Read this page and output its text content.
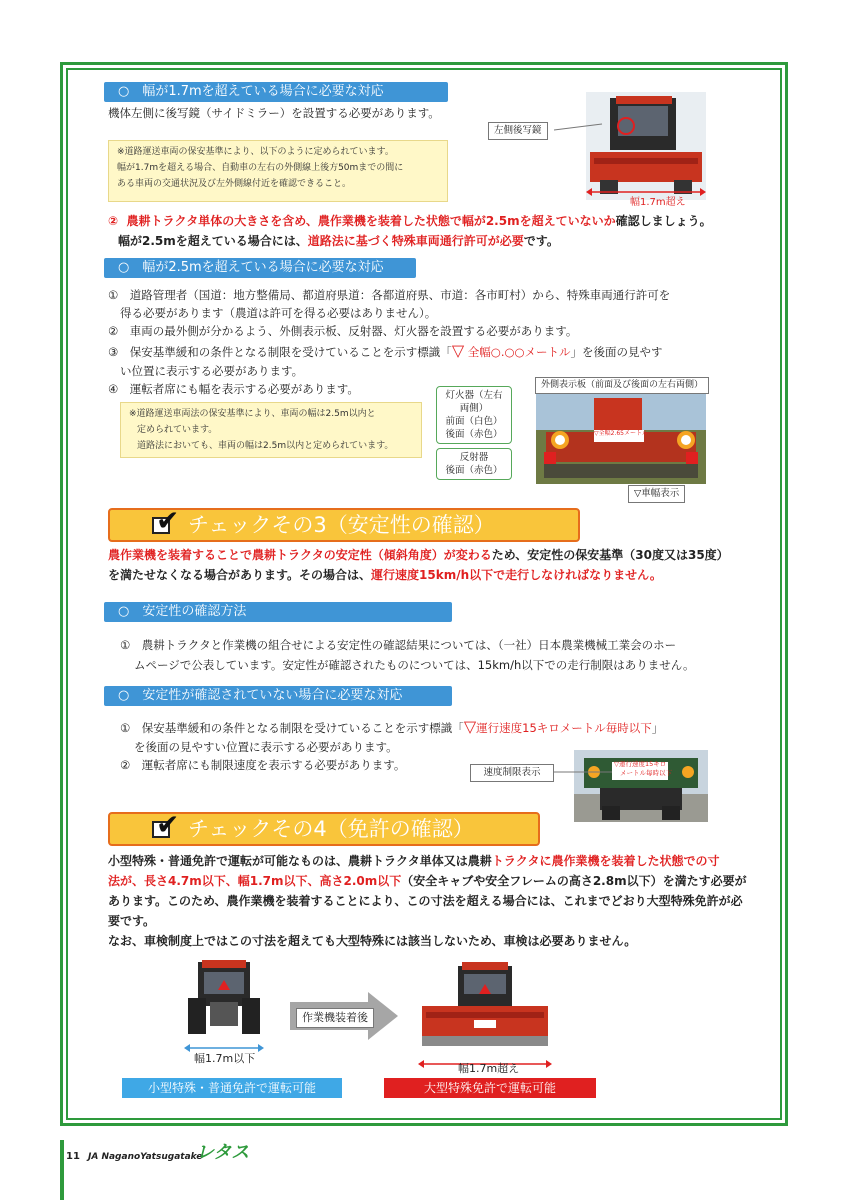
○　幅が1.7mを超えている場合に必要な対応
機体左側に後写鏡（サイドミラー）を設置する必要があります。
※道路運送車両の保安基準により、以下のように定められています。
幅が1.7mを超える場合、自動車の左右の外側線上後方50mまでの間に
ある車両の交通状況及び左外側線付近を確認できること。
左側後写鏡
幅1.7m超え
② 農耕トラクタ単体の大きさを含め、農作業機を装着した状態で幅が2.5mを超えていないか確認しましょう。
幅が2.5mを超えている場合には、道路法に基づく特殊車両通行許可が必要です。
○　幅が2.5mを超えている場合に必要な対応
①　道路管理者（国道：地方整備局、都道府県道：各都道府県、市道：各市町村）から、特殊車両通行許可を
得る必要があります（農道は許可を得る必要はありません）。
②　車両の最外側が分かるよう、外側表示板、反射器、灯火器を設置する必要があります。
③　保安基準緩和の条件となる制限を受けていることを示す標識「▽ 全幅○.○○メートル」を後面の見やす
い位置に表示する必要があります。
④　運転者席にも幅を表示する必要があります。
※道路運送車両法の保安基準により、車両の幅は2.5m以内と
定められています。
道路法においても、車両の幅は2.5m以内と定められています。
▽全幅2.65メートル
外側表示板（前面及び後面の左右両側）
灯火器（左右
両側）
前面（白色）
後面（赤色）
反射器
後面（赤色）
▽車幅表示
✔ チェックその3（安定性の確認）
農作業機を装着することで農耕トラクタの安定性（傾斜角度）が変わるため、安定性の保安基準（30度又は35度）
を満たせなくなる場合があります。その場合は、運行速度15km/h以下で走行しなければなりません。
○　安定性の確認方法
①　農耕トラクタと作業機の組合せによる安定性の確認結果については、（一社）日本農業機械工業会のホー
ムページで公表しています。安定性が確認されたものについては、15km/h以下での走行制限はありません。
○　安定性が確認されていない場合に必要な対応
①　保安基準緩和の条件となる制限を受けていることを示す標識「▽運行速度15キロメートル毎時以下」
を後面の見やすい位置に表示する必要があります。
②　運転者席にも制限速度を表示する必要があります。	▽運行速度15キロ
メートル毎時以下
速度制限表示
✔ チェックその4（免許の確認）
小型特殊・普通免許で運転が可能なものは、農耕トラクタ単体又は農耕トラクタに農作業機を装着した状態での寸
法が、長さ4.7m以下、幅1.7m以下、高さ2.0m以下（安全キャブや安全フレームの高さ2.8m以下）を満たす必要が
あります。このため、農作業機を装着することにより、この寸法を超える場合には、これまでどおり大型特殊免許が必
要です。
なお、車検制度上ではこの寸法を超えても大型特殊には該当しないため、車検は必要ありません。
幅1.7m以下
作業機装着後
幅1.7m超え
小型特殊・普通免許で運転可能	大型特殊免許で運転可能
11 JA NaganoYatsugatake
レタス
